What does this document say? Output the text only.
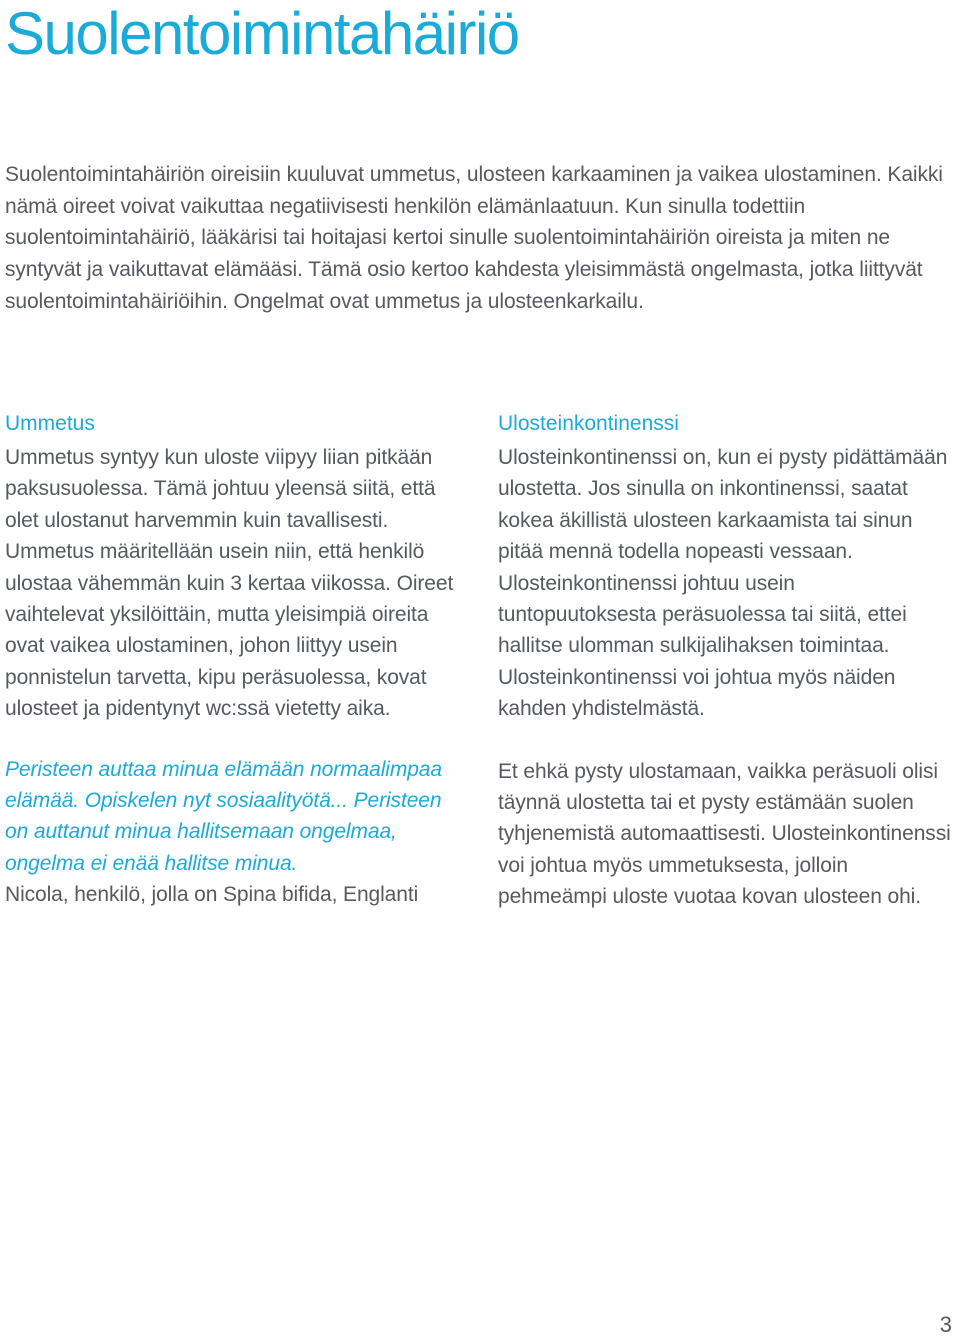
Suolentoimintahäiriö

Suolentoimintahäiriön oireisiin kuuluvat ummetus, ulosteen karkaaminen ja vaikea ulostaminen. Kaikki nämä oireet voivat vaikuttaa negatiivisesti henkilön elämänlaatuun. Kun sinulla todettiin suolentoimintahäiriö, lääkärisi tai hoitajasi kertoi sinulle suolentoimintahäiriön oireista ja miten ne syntyvät ja vaikuttavat elämääsi. Tämä osio kertoo kahdesta yleisimmästä ongelmasta, jotka liittyvät suolentoimintahäiriöihin. Ongelmat ovat ummetus ja ulosteenkarkailu.

Ummetus

Ummetus syntyy kun uloste viipyy liian pitkään paksusuolessa. Tämä johtuu yleensä siitä, että olet ulostanut harvemmin kuin tavallisesti. Ummetus määritellään usein niin, että henkilö ulostaa vähemmän kuin 3 kertaa viikossa. Oireet vaihtelevat yksilöittäin, mutta yleisimpiä oireita ovat vaikea ulostaminen, johon liittyy usein ponnistelun tarvetta, kipu peräsuolessa, kovat ulosteet ja pidentynyt wc:ssä vietetty aika.

Peristeen auttaa minua elämään normaalimpaa elämää. Opiskelen nyt sosiaalityötä... Peristeen on auttanut minua hallitsemaan ongelmaa, ongelma ei enää hallitse minua.

Nicola, henkilö, jolla on Spina bifida, Englanti

Ulosteinkontinenssi

Ulosteinkontinenssi on, kun ei pysty pidättämään ulostetta. Jos sinulla on inkontinenssi, saatat kokea äkillistä ulosteen karkaamista tai sinun pitää mennä todella nopeasti vessaan. Ulosteinkontinenssi johtuu usein tuntopuutoksesta peräsuolessa tai siitä, ettei hallitse ulomman sulkijalihaksen toimintaa. Ulosteinkontinenssi voi johtua myös näiden kahden yhdistelmästä.

Et ehkä pysty ulostamaan, vaikka peräsuoli olisi täynnä ulostetta tai et pysty estämään suolen tyhjenemistä automaattisesti. Ulosteinkontinenssi voi johtua myös ummetuksesta, jolloin pehmeämpi uloste vuotaa kovan ulosteen ohi.

3
